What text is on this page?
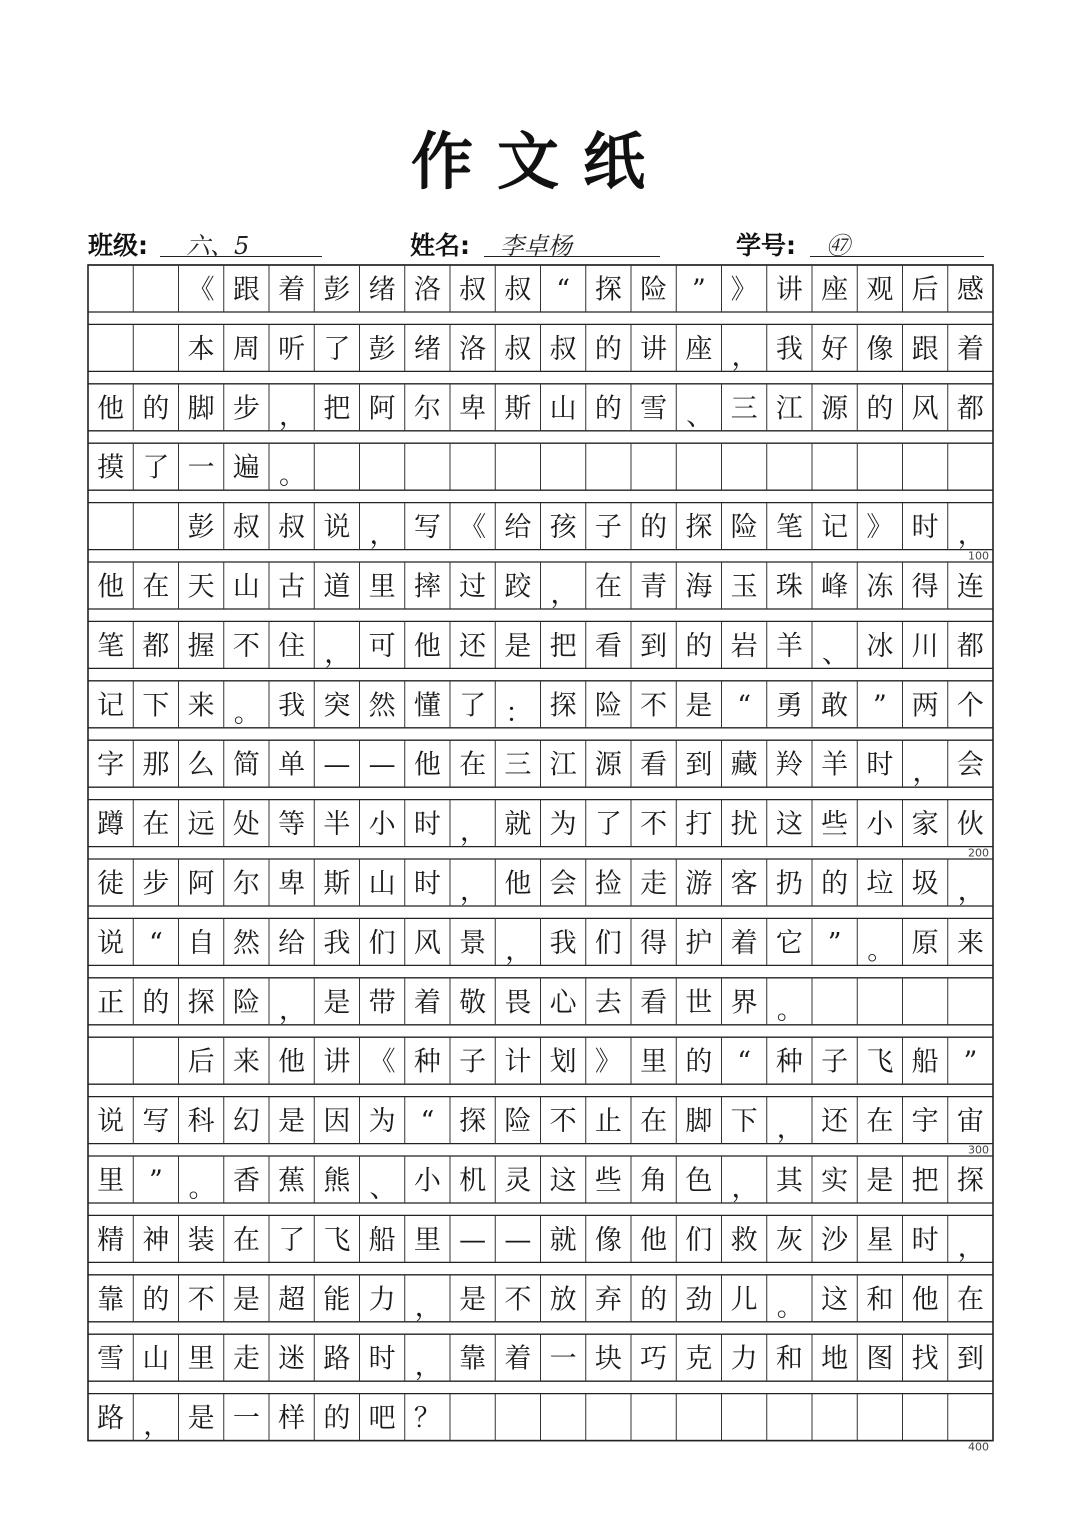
作文纸
班级: 六、5	姓名: 李卓杨	学号: ㊼
《 跟 着 彭 绪 洛 叔 叔 “ 探 险 ” 》 讲 座 观 后 感
本 周 听 了 彭 绪 洛 叔 叔 的 讲 座 ， 我 好 像 跟 着
他 的 脚 步 ， 把 阿 尔 卑 斯 山 的 雪 、 三 江 源 的 风 都
摸 了 一 遍 。
彭 叔 叔 说 ， 写 《 给 孩 子 的 探 险 笔 记 》 时 ，
100
他 在 天 山 古 道 里 摔 过 跤 ， 在 青 海 玉 珠 峰 冻 得 连
笔 都 握 不 住 ， 可 他 还 是 把 看 到 的 岩 羊 、 冰 川 都
记 下 来 。 我 突 然 懂 了 ： 探 险 不 是 “ 勇 敢 ” 两 个
字 那 么 简 单 — — 他 在 三 江 源 看 到 藏 羚 羊 时 ， 会
蹲 在 远 处 等 半 小 时 ， 就 为 了 不 打 扰 这 些 小 家 伙
200
徒 步 阿 尔 卑 斯 山 时 ， 他 会 捡 走 游 客 扔 的 垃 圾 ，
说 “ 自 然 给 我 们 风 景 ， 我 们 得 护 着 它 ” 。 原 来
正 的 探 险 ， 是 带 着 敬 畏 心 去 看 世 界 。
后 来 他 讲 《 种 子 计 划 》 里 的 “ 种 子 飞 船 ”
说 写 科 幻 是 因 为 “ 探 险 不 止 在 脚 下 ， 还 在 宇 宙
300
里 ” 。 香 蕉 熊 、 小 机 灵 这 些 角 色 ， 其 实 是 把 探
精 神 装 在 了 飞 船 里 — — 就 像 他 们 救 灰 沙 星 时 ，
靠 的 不 是 超 能 力 ， 是 不 放 弃 的 劲 儿 。 这 和 他 在
雪 山 里 走 迷 路 时 ， 靠 着 一 块 巧 克 力 和 地 图 找 到
路 ， 是 一 样 的 吧 ？
400
